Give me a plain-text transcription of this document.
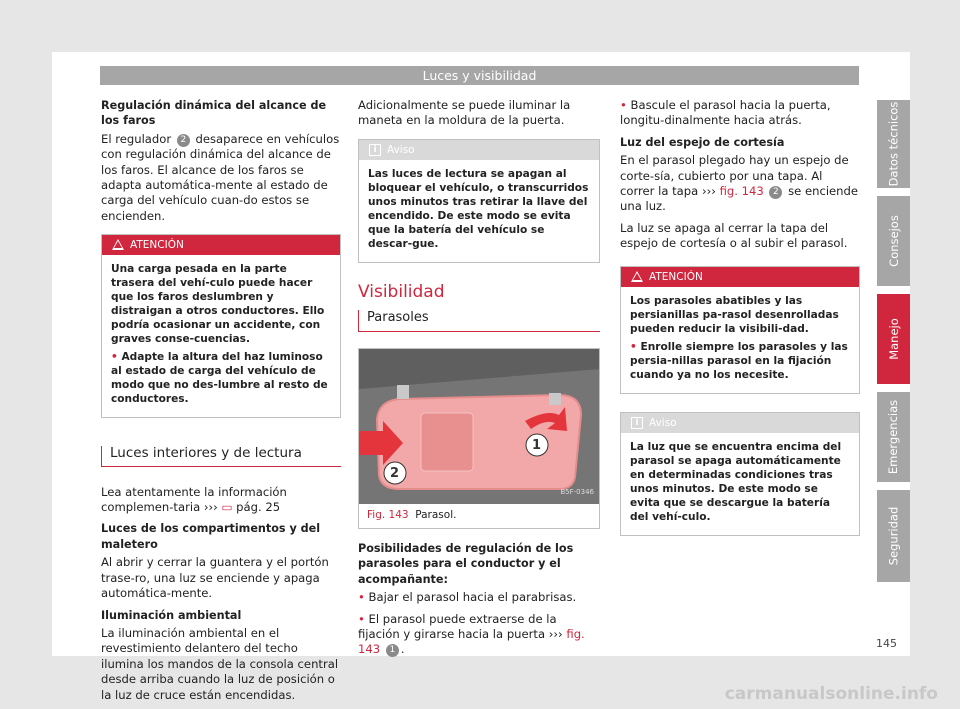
Luces y visibilidad

Regulación dinámica del alcance de los faros

El regulador 2 desaparece en vehículos con regulación dinámica del alcance de los faros. El alcance de los faros se adapta automática-mente al estado de carga del vehículo cuan-do estos se encienden.

ATENCIÓN

Una carga pesada en la parte trasera del vehí-culo puede hacer que los faros deslumbren y distraigan a otros conductores. Ello podría ocasionar un accidente, con graves conse-cuencias.

• Adapte la altura del haz luminoso al estado de carga del vehículo de modo que no des-lumbre al resto de conductores.

Luces interiores y de lectura

Lea atentamente la información complemen-taria ››› ▭ pág. 25

Luces de los compartimentos y del maletero

Al abrir y cerrar la guantera y el portón trase-ro, una luz se enciende y apaga automática-mente.

Iluminación ambiental

La iluminación ambiental en el revestimiento delantero del techo ilumina los mandos de la consola central desde arriba cuando la luz de posición o la luz de cruce están encendidas.

Adicionalmente se puede iluminar la maneta en la moldura de la puerta.

i Aviso

Las luces de lectura se apagan al bloquear el vehículo, o transcurridos unos minutos tras retirar la llave del encendido. De este modo se evita que la batería del vehículo se descar-gue.

Visibilidad
Parasoles
1
2
B5F-0346
Fig. 143 Parasol.

Posibilidades de regulación de los parasoles para el conductor y el acompañante:

• Bajar el parasol hacia el parabrisas.

• El parasol puede extraerse de la fijación y girarse hacia la puerta ››› fig. 143 1 .

• Bascule el parasol hacia la puerta, longitu-dinalmente hacia atrás.

Luz del espejo de cortesía

En el parasol plegado hay un espejo de corte-sía, cubierto por una tapa. Al correr la tapa ››› fig. 143 2 se enciende una luz.

La luz se apaga al cerrar la tapa del espejo de cortesía o al subir el parasol.

ATENCIÓN

Los parasoles abatibles y las persianillas pa-rasol desenrolladas pueden reducir la visibili-dad.

• Enrolle siempre los parasoles y las persia-nillas parasol en la fijación cuando ya no los necesite.

i Aviso

La luz que se encuentra encima del parasol se apaga automáticamente en determinadas condiciones tras unos minutos. De este modo se evita que se descargue la batería del vehí-culo.

Datos técnicos
Consejos
Manejo
Emergencias
Seguridad
145
carmanualsonline.info
